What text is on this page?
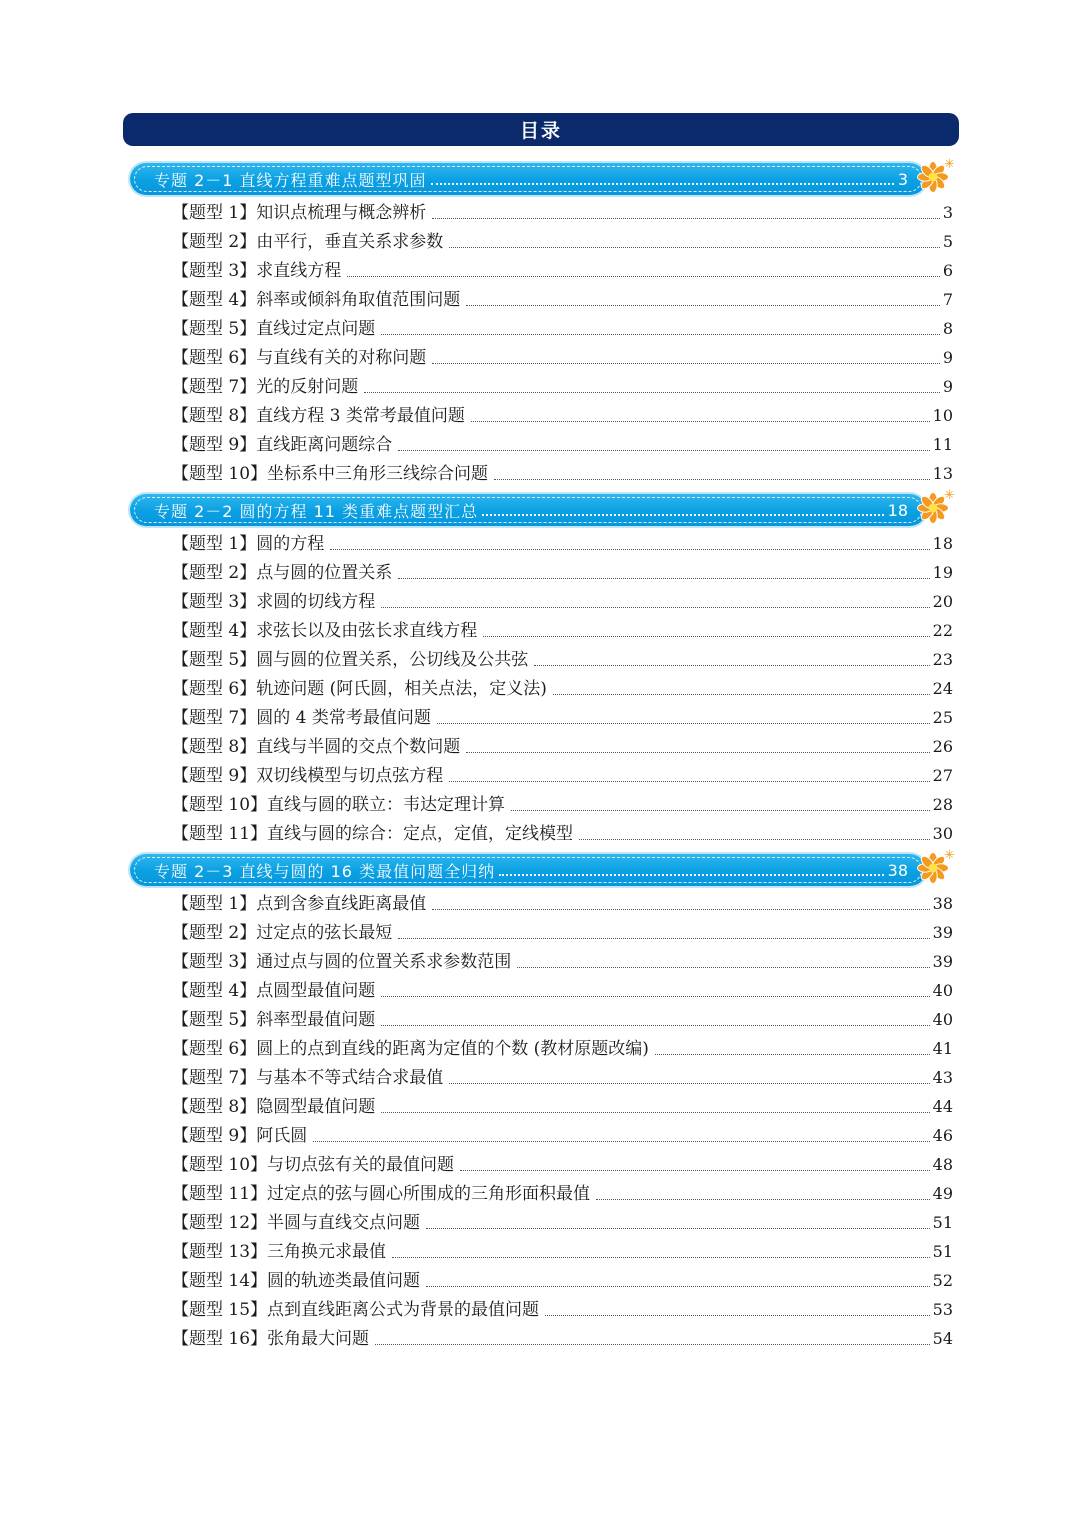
目录
专题 2－1 直线方程重难点题型巩固	3
✳
【题型 1】 知识点梳理与概念辨析	3
【题型 2】 由平行，垂直关系求参数	5
【题型 3】 求直线方程	6
【题型 4】 斜率或倾斜角取值范围问题	7
【题型 5】 直线过定点问题	8
【题型 6】 与直线有关的对称问题	9
【题型 7】 光的反射问题	9
【题型 8】 直线方程 3 类常考最值问题	10
【题型 9】 直线距离问题综合	11
【题型 10】 坐标系中三角形三线综合问题	13
专题 2－2 圆的方程 11 类重难点题型汇总	18
✳
【题型 1】 圆的方程	18
【题型 2】 点与圆的位置关系	19
【题型 3】 求圆的切线方程	20
【题型 4】 求弦长以及由弦长求直线方程	22
【题型 5】 圆与圆的位置关系，公切线及公共弦	23
【题型 6】 轨迹问题 (阿氏圆，相关点法，定义法)	24
【题型 7】 圆的 4 类常考最值问题	25
【题型 8】 直线与半圆的交点个数问题	26
【题型 9】 双切线模型与切点弦方程	27
【题型 10】 直线与圆的联立：韦达定理计算	28
【题型 11】 直线与圆的综合：定点，定值，定线模型	30
专题 2－3 直线与圆的 16 类最值问题全归纳	38
✳
【题型 1】 点到含参直线距离最值	38
【题型 2】 过定点的弦长最短	39
【题型 3】 通过点与圆的位置关系求参数范围	39
【题型 4】 点圆型最值问题	40
【题型 5】 斜率型最值问题	40
【题型 6】 圆上的点到直线的距离为定值的个数 (教材原题改编)	41
【题型 7】 与基本不等式结合求最值	43
【题型 8】 隐圆型最值问题	44
【题型 9】 阿氏圆	46
【题型 10】 与切点弦有关的最值问题	48
【题型 11】 过定点的弦与圆心所围成的三角形面积最值	49
【题型 12】 半圆与直线交点问题	51
【题型 13】 三角换元求最值	51
【题型 14】 圆的轨迹类最值问题	52
【题型 15】 点到直线距离公式为背景的最值问题	53
【题型 16】 张角最大问题	54
